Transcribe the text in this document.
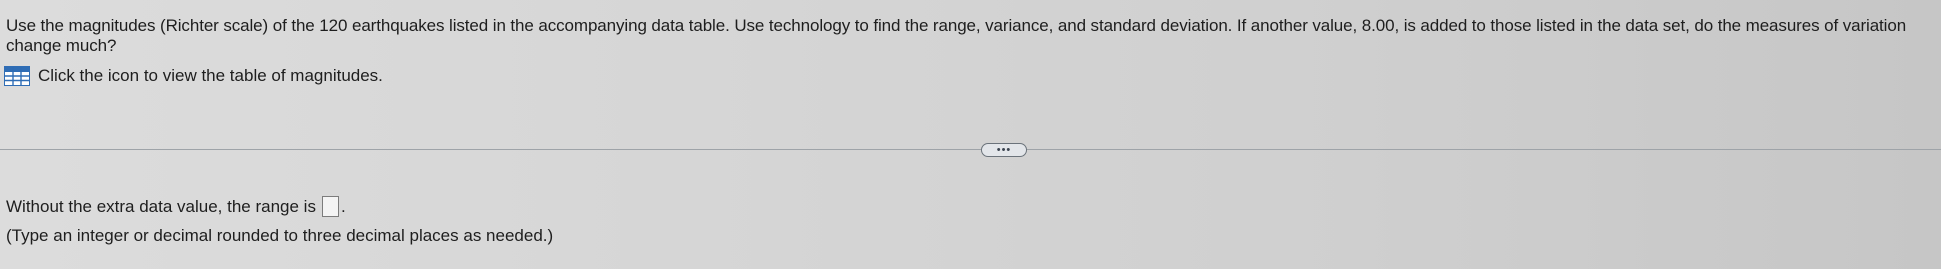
Use the magnitudes (Richter scale) of the 120 earthquakes listed in the accompanying data table. Use technology to find the range, variance, and standard deviation. If another value, 8.00, is added to those listed in the data set, do the measures of variation change much?
Click the icon to view the table of magnitudes.
•••
Without the extra data value, the range is .
(Type an integer or decimal rounded to three decimal places as needed.)
